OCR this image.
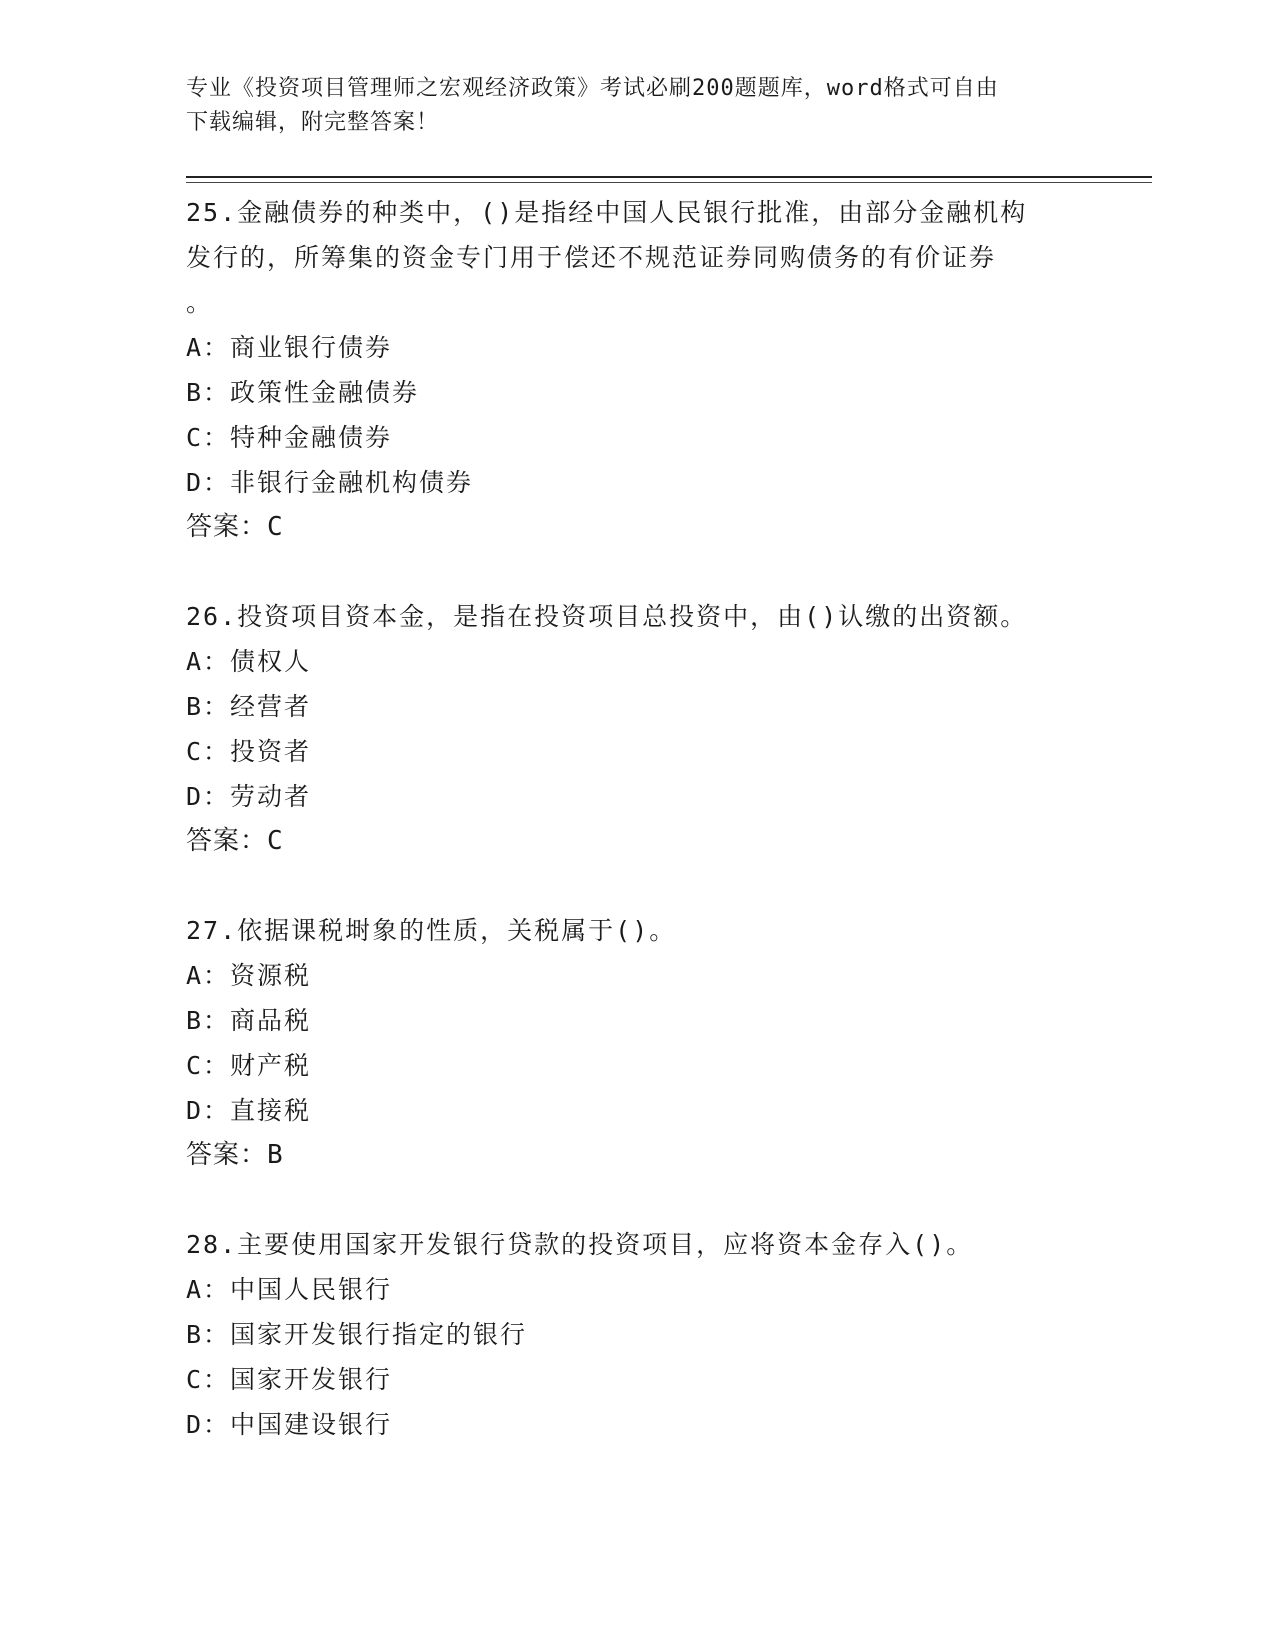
专业《投资项目管理师之宏观经济政策》考试必刷200题题库，word格式可自由
下载编辑，附完整答案！

25.金融债券的种类中，()是指经中国人民银行批准，由部分金融机构

发行的，所筹集的资金专门用于偿还不规范证券同购债务的有价证券

。

A：商业银行债券

B：政策性金融债券

C：特种金融债券

D：非银行金融机构债券

答案：C

26.投资项目资本金，是指在投资项目总投资中，由()认缴的出资额。

A：债权人

B：经营者

C：投资者

D：劳动者

答案：C

27.依据课税埘象的性质，关税属于()。

A：资源税

B：商品税

C：财产税

D：直接税

答案：B

28.主要使用国家开发银行贷款的投资项目，应将资本金存入()。

A：中国人民银行

B：国家开发银行指定的银行

C：国家开发银行

D：中国建设银行
